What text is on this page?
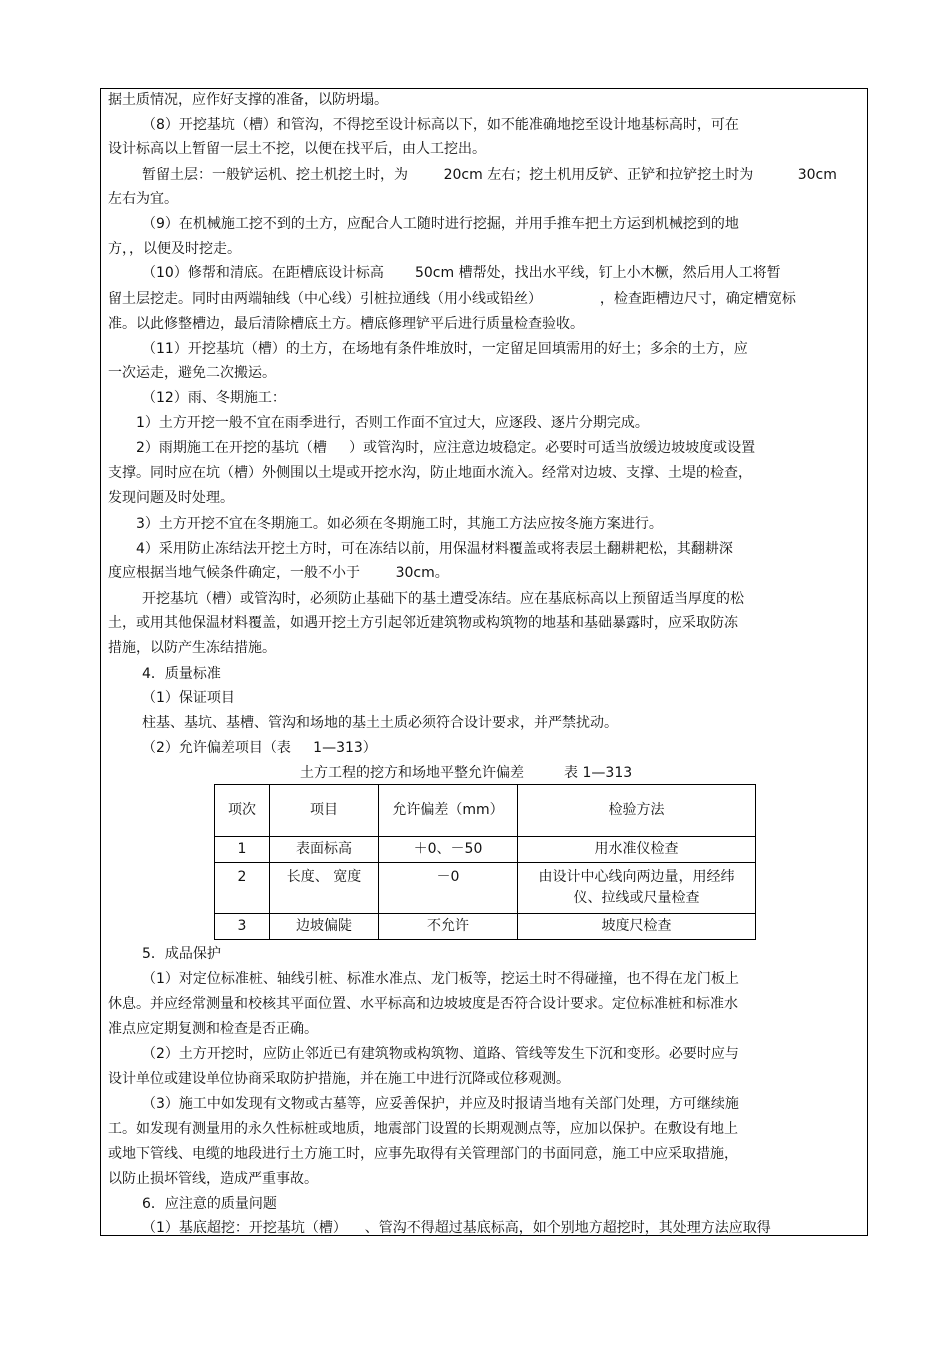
据土质情况，应作好支撑的准备，以防坍塌。
（8）开挖基坑（槽）和管沟，不得挖至设计标高以下，如不能准确地挖至设计地基标高时，可在
设计标高以上暂留一层土不挖，以便在找平后，由人工挖出。
暂留土层：一般铲运机、挖土机挖土时，为        20cm 左右；挖土机用反铲、正铲和拉铲挖土时为          30cm
左右为宜。
（9）在机械施工挖不到的土方，应配合人工随时进行挖掘，并用手推车把土方运到机械挖到的地
方，，以便及时挖走。
（10）修帮和清底。在距槽底设计标高       50cm 槽帮处，找出水平线，钉上小木橛，然后用人工将暂
留土层挖走。同时由两端轴线（中心线）引桩拉通线（用小线或铅丝）             ，检查距槽边尺寸，确定槽宽标
准。以此修整槽边，最后清除槽底土方。槽底修理铲平后进行质量检查验收。
（11）开挖基坑（槽）的土方，在场地有条件堆放时，一定留足回填需用的好土；多余的土方，应
一次运走，避免二次搬运。
（12）雨、冬期施工：
1）土方开挖一般不宜在雨季进行，否则工作面不宜过大，应逐段、逐片分期完成。
2）雨期施工在开挖的基坑（槽     ）或管沟时，应注意边坡稳定。必要时可适当放缓边坡坡度或设置
支撑。同时应在坑（槽）外侧围以土堤或开挖水沟，防止地面水流入。经常对边坡、支撑、土堤的检查，
发现问题及时处理。
3）土方开挖不宜在冬期施工。如必须在冬期施工时，其施工方法应按冬施方案进行。
4）采用防止冻结法开挖土方时，可在冻结以前，用保温材料覆盖或将表层土翻耕耙松，其翻耕深
度应根据当地气候条件确定，一般不小于        30cm。
开挖基坑（槽）或管沟时，必须防止基础下的基土遭受冻结。应在基底标高以上预留适当厚度的松
土，或用其他保温材料覆盖，如遇开挖土方引起邻近建筑物或构筑物的地基和基础暴露时，应采取防冻
措施，以防产生冻结措施。
4．质量标准
（1）保证项目
柱基、基坑、基槽、管沟和场地的基土土质必须符合设计要求，并严禁扰动。
（2）允许偏差项目（表     1—313）
土方工程的挖方和场地平整允许偏差         表 1—313
项次	项目	允许偏差（mm）	检验方法
1	表面标高	＋0、－50	用水准仪检查
2	长度、 宽度	－0	由设计中心线向两边量，用经纬
仪、拉线或尺量检查

3	边坡偏陡	不允许	坡度尺检查
5．成品保护
（1）对定位标准桩、轴线引桩、标准水准点、龙门板等，挖运土时不得碰撞，也不得在龙门板上
休息。并应经常测量和校核其平面位置、水平标高和边坡坡度是否符合设计要求。定位标准桩和标准水
准点应定期复测和检查是否正确。
（2）土方开挖时，应防止邻近已有建筑物或构筑物、道路、管线等发生下沉和变形。必要时应与
设计单位或建设单位协商采取防护措施，并在施工中进行沉降或位移观测。
（3）施工中如发现有文物或古墓等，应妥善保护，并应及时报请当地有关部门处理，方可继续施
工。如发现有测量用的永久性标桩或地质，地震部门设置的长期观测点等，应加以保护。在敷设有地上
或地下管线、电缆的地段进行土方施工时，应事先取得有关管理部门的书面同意，施工中应采取措施，
以防止损坏管线，造成严重事故。
6．应注意的质量问题
（1）基底超挖：开挖基坑（槽）    、管沟不得超过基底标高，如个别地方超挖时，其处理方法应取得
